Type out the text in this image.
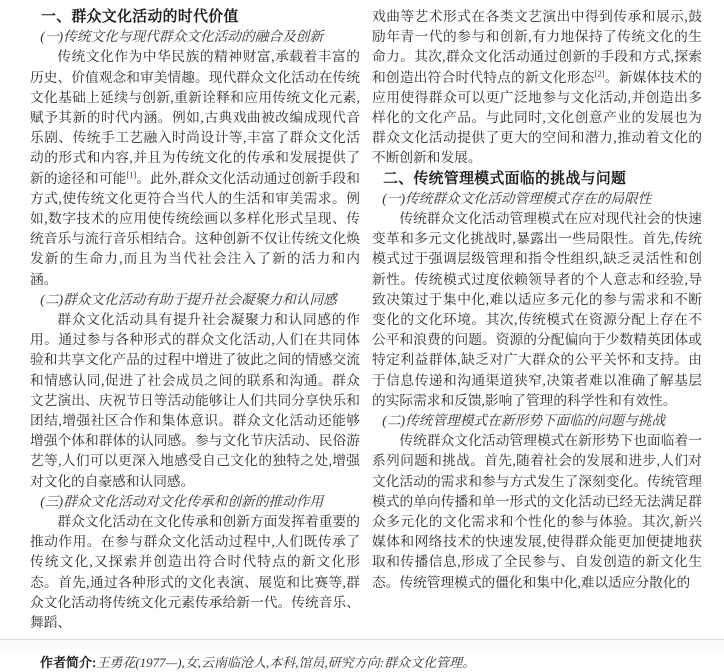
一、群众文化活动的时代价值
(一)传统文化与现代群众文化活动的融合及创新

传统文化作为中华民族的精神财富,承载着丰富的历史、价值观念和审美情趣。现代群众文化活动在传统文化基础上延续与创新,重新诠释和应用传统文化元素,赋予其新的时代内涵。例如,古典戏曲被改编成现代音乐剧、传统手工艺融入时尚设计等,丰富了群众文化活动的形式和内容,并且为传统文化的传承和发展提供了新的途径和可能[1]。此外,群众文化活动通过创新手段和方式,使传统文化更符合当代人的生活和审美需求。例如,数字技术的应用使传统绘画以多样化形式呈现、传统音乐与流行音乐相结合。这种创新不仅让传统文化焕发新的生命力,而且为当代社会注入了新的活力和内涵。

(二)群众文化活动有助于提升社会凝聚力和认同感

群众文化活动具有提升社会凝聚力和认同感的作用。通过参与各种形式的群众文化活动,人们在共同体验和共享文化产品的过程中增进了彼此之间的情感交流和情感认同,促进了社会成员之间的联系和沟通。群众文艺演出、庆祝节日等活动能够让人们共同分享快乐和团结,增强社区合作和集体意识。群众文化活动还能够增强个体和群体的认同感。参与文化节庆活动、民俗游艺等,人们可以更深入地感受自己文化的独特之处,增强对文化的自豪感和认同感。

(三)群众文化活动对文化传承和创新的推动作用

群众文化活动在文化传承和创新方面发挥着重要的推动作用。在参与群众文化活动过程中,人们既传承了传统文化,又探索并创造出符合时代特点的新文化形态。首先,通过各种形式的文化表演、展览和比赛等,群众文化活动将传统文化元素传承给新一代。传统音乐、舞蹈、

戏曲等艺术形式在各类文艺演出中得到传承和展示,鼓励年青一代的参与和创新,有力地保持了传统文化的生命力。其次,群众文化活动通过创新的手段和方式,探索和创造出符合时代特点的新文化形态[2]。新媒体技术的应用使得群众可以更广泛地参与文化活动,并创造出多样化的文化产品。与此同时,文化创意产业的发展也为群众文化活动提供了更大的空间和潜力,推动着文化的不断创新和发展。

二、传统管理模式面临的挑战与问题
(一)传统群众文化活动管理模式存在的局限性

传统群众文化活动管理模式在应对现代社会的快速变革和多元文化挑战时,暴露出一些局限性。首先,传统模式过于强调层级管理和指令性组织,缺乏灵活性和创新性。传统模式过度依赖领导者的个人意志和经验,导致决策过于集中化,难以适应多元化的参与需求和不断变化的文化环境。其次,传统模式在资源分配上存在不公平和浪费的问题。资源的分配偏向于少数精英团体或特定利益群体,缺乏对广大群众的公平关怀和支持。由于信息传递和沟通渠道狭窄,决策者难以准确了解基层的实际需求和反馈,影响了管理的科学性和有效性。

(二)传统管理模式在新形势下面临的问题与挑战

传统群众文化活动管理模式在新形势下也面临着一系列问题和挑战。首先,随着社会的发展和进步,人们对文化活动的需求和参与方式发生了深刻变化。传统管理模式的单向传播和单一形式的文化活动已经无法满足群众多元化的文化需求和个性化的参与体验。其次,新兴媒体和网络技术的快速发展,使得群众能更加便捷地获取和传播信息,形成了全民参与、自发创造的新文化生态。传统管理模式的僵化和集中化,难以适应分散化的

作者简介:王勇花(1977—),女,云南临沧人,本科,馆员,研究方向:群众文化管理。
